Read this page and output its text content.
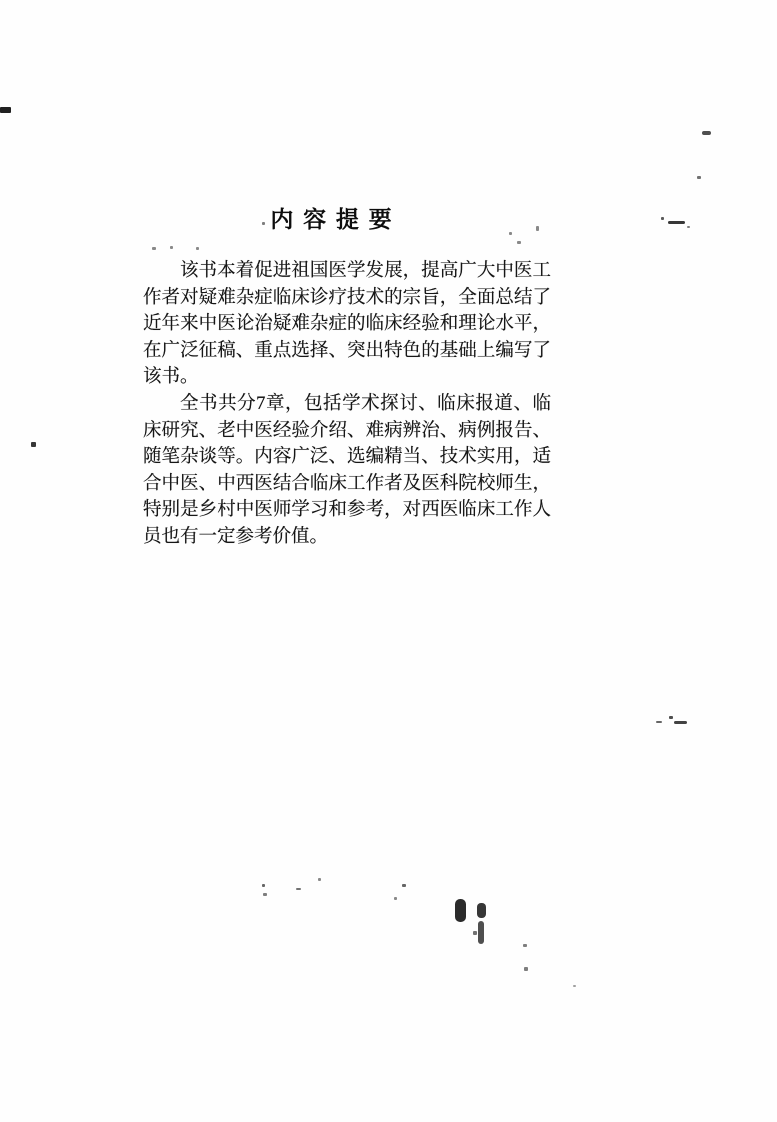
内 容 提 要

该书本着促进祖国医学发展，提高广大中医工作者对疑难杂症临床诊疗技术的宗旨，全面总结了近年来中医论治疑难杂症的临床经验和理论水平，在广泛征稿、重点选择、突出特色的基础上编写了该书。

全书共分7章，包括学术探讨、临床报道、临床研究、老中医经验介绍、难病辨治、病例报告、随笔杂谈等。内容广泛、选编精当、技术实用，适合中医、中西医结合临床工作者及医科院校师生，特别是乡村中医师学习和参考，对西医临床工作人员也有一定参考价值。
